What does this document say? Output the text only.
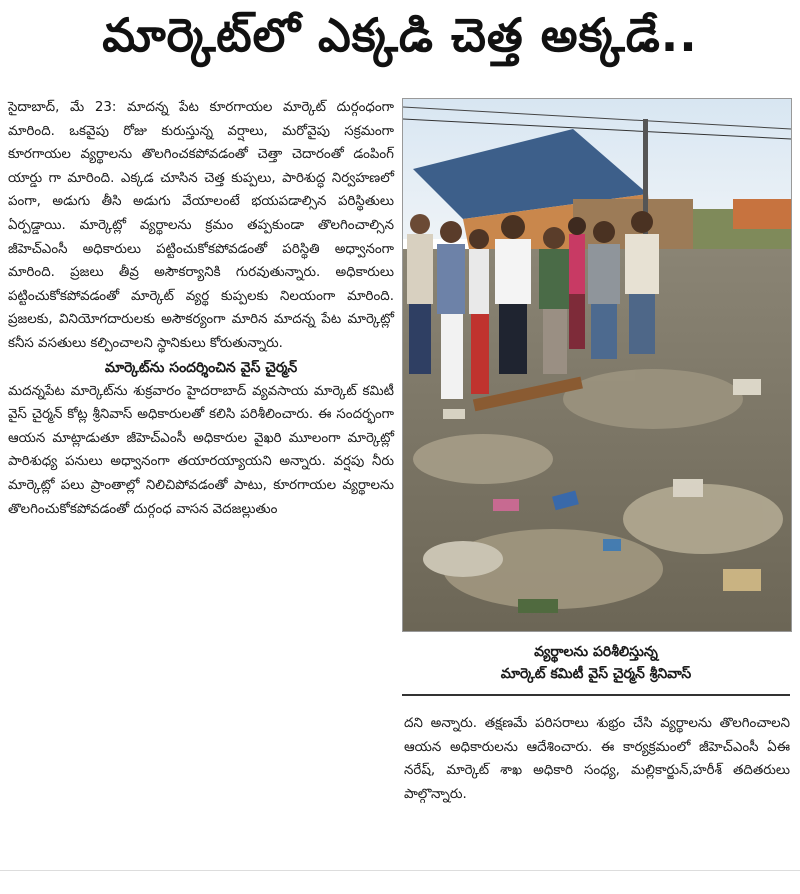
మార్కెట్‌లో ఎక్కడి చెత్త అక్కడే..

సైదాబాద్, మే 23: మాదన్న పేట కూరగాయల మార్కెట్ దుర్గంధంగా మారింది. ఒకవైపు రోజు కురుస్తున్న వర్షాలు, మరోవైపు సక్రమంగా కూరగాయల వ్యర్థాలను తొలగించకపోవడంతో చెత్తా చెదారంతో డంపింగ్ యార్డు గా మారింది. ఎక్కడ చూసిన చెత్త కుప్పలు, పారిశుద్ధ నిర్వహణలో పంగా, అడుగు తీసి అడుగు వేయాలంటే భయపడాల్సిన పరిస్థితులు ఏర్పడ్డాయి. మార్కెట్లో వ్యర్థాలను క్రమం తప్పకుండా తొలగించాల్సిన జీహెచ్ఎంసీ అధికారులు పట్టించుకోకపోవడంతో పరిస్థితి అధ్వానంగా మారింది. ప్రజలు తీవ్ర అసౌకర్యానికి గురవుతున్నారు. అధికారులు పట్టించుకోకపోవడంతో మార్కెట్ వ్యర్థ కుప్పలకు నిలయంగా మారింది. ప్రజలకు, వినియోగదారులకు అసౌకర్యంగా మారిన మాదన్న పేట మార్కెట్లో కనీస వసతులు కల్పించాలని స్థానికులు కోరుతున్నారు.

మార్కెట్‌ను సందర్శించిన వైస్ చైర్మన్

మదన్నపేట మార్కెట్‌ను శుక్రవారం హైదరాబాద్ వ్యవసాయ మార్కెట్ కమిటీ వైస్ చైర్మన్ కోట్ల శ్రీనివాస్ అధికారులతో కలిసి పరిశీలించారు. ఈ సందర్భంగా ఆయన మాట్లాడుతూ జీహెచ్ఎంసీ అధికారుల వైఖరి మూలంగా మార్కెట్లో పారిశుధ్య పనులు అధ్వానంగా తయారయ్యాయని అన్నారు. వర్షపు నీరు మార్కెట్లో పలు ప్రాంతాల్లో నిలిచిపోవడంతో పాటు, కూరగాయల వ్యర్థాలను తొలగించుకోకపోవడంతో దుర్గంధ వాసన వెదజల్లుతుం

వ్యర్థాలను పరిశీలిస్తున్న
మార్కెట్ కమిటీ వైస్ చైర్మన్ శ్రీనివాస్

దని అన్నారు. తక్షణమే పరిసరాలు శుభ్రం చేసి వ్యర్థాలను తొలగించాలని ఆయన అధికారులను ఆదేశించారు. ఈ కార్యక్రమంలో జీహెచ్ఎంసీ ఏఈ నరేష్, మార్కెట్ శాఖ అధికారి సంధ్య, మల్లికార్జున్,హరీశ్ తదితరులు పాల్గొన్నారు.
